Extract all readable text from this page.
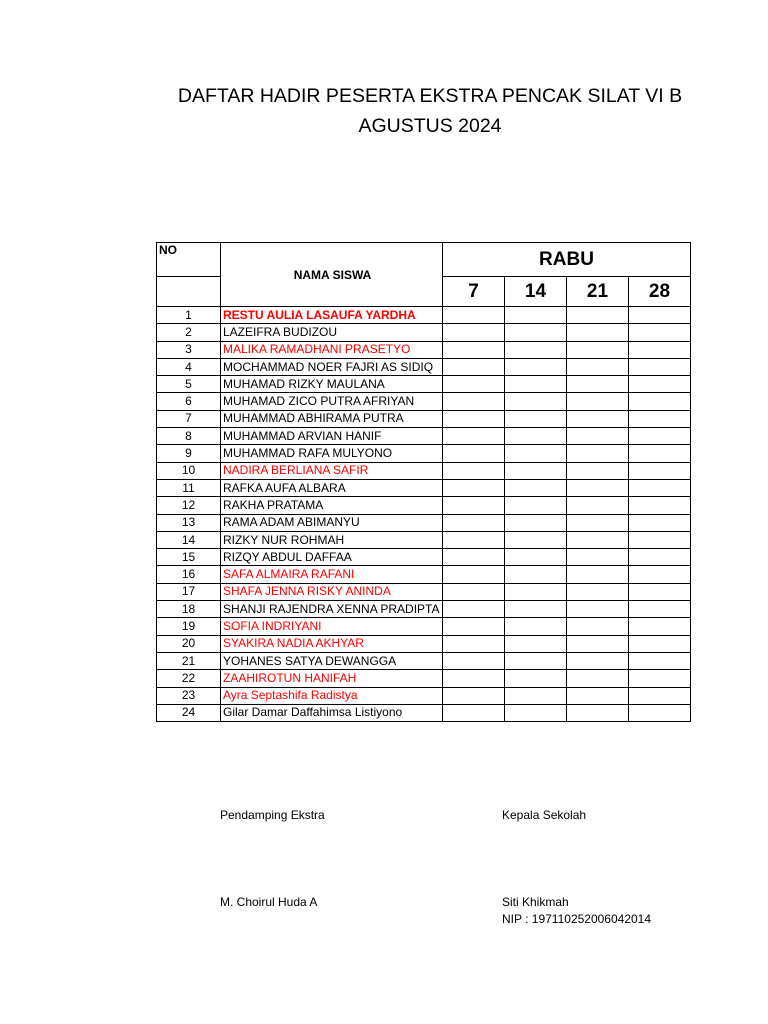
DAFTAR HADIR PESERTA EKSTRA PENCAK SILAT VI B
AGUSTUS 2024
NO	NAMA SISWA	RABU			
		7	14	21	28
1	RESTU AULIA LASAUFA YARDHA				
2	LAZEIFRA BUDIZOU				
3	MALIKA RAMADHANI PRASETYO				
4	MOCHAMMAD NOER FAJRI AS SIDIQ				
5	MUHAMAD RIZKY MAULANA				
6	MUHAMAD ZICO PUTRA AFRIYAN				
7	MUHAMMAD ABHIRAMA PUTRA				
8	MUHAMMAD ARVIAN HANIF				
9	MUHAMMAD RAFA MULYONO				
10	NADIRA BERLIANA SAFIR				
11	RAFKA AUFA ALBARA				
12	RAKHA PRATAMA				
13	RAMA ADAM ABIMANYU				
14	RIZKY NUR ROHMAH				
15	RIZQY ABDUL DAFFAA				
16	SAFA ALMAIRA RAFANI				
17	SHAFA JENNA RISKY ANINDA				
18	SHANJI RAJENDRA XENNA PRADIPTA				
19	SOFIA INDRIYANI				
20	SYAKIRA NADIA AKHYAR				
21	YOHANES SATYA DEWANGGA				
22	ZAAHIROTUN HANIFAH				
23	Ayra Septashifa Radistya				
24	Gilar Damar Daffahimsa Listiyono				
Pendamping Ekstra
M. Choirul Huda A
Kepala Sekolah
Siti Khikmah
NIP : 197110252006042014
